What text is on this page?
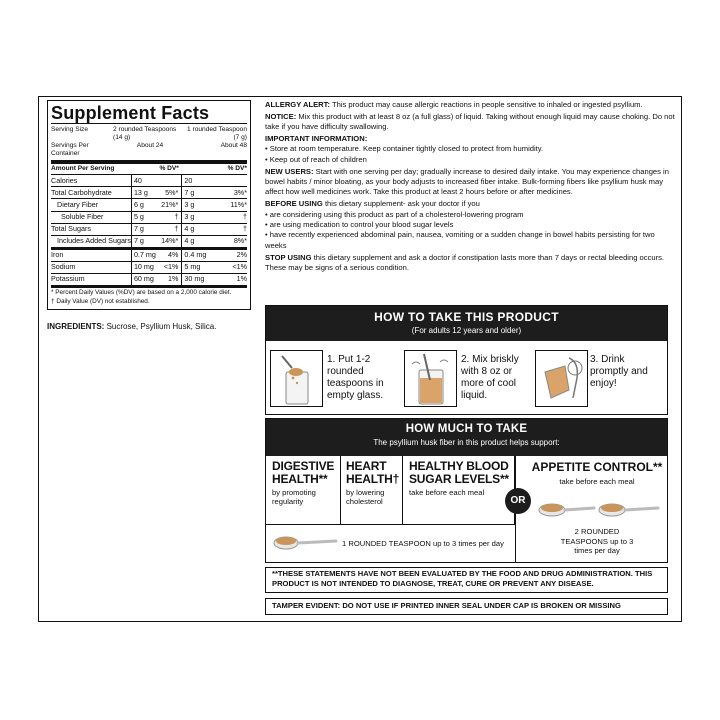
Supplement Facts
Serving Size	2 rounded Teaspoons (14 g)
1 rounded Teaspoon (7 g)
Servings Per Container
About 24	About 48
Amount Per Serving		% DV*		% DV*
Calories	40		20	
Total Carbohydrate	13 g	5%*	7 g	3%*
Dietary Fiber	6 g	21%*	3 g	11%*
Soluble Fiber	5 g	†	3 g	†
Total Sugars	7 g	†	4 g	†
Includes Added Sugars	7 g	14%*	4 g	8%*
Iron	0.7 mg	4%	0.4 mg	2%
Sodium	10 mg	<1%	5 mg	<1%
Potassium	60 mg	1%	30 mg	1%
* Percent Daily Values (%DV) are based on a 2,000 calorie diet.
† Daily Value (DV) not established.
INGREDIENTS: Sucrose, Psyllium Husk, Silica.

ALLERGY ALERT: This product may cause allergic reactions in people sensitive to inhaled or ingested psyllium.

NOTICE: Mix this product with at least 8 oz (a full glass) of liquid. Taking without enough liquid may cause choking. Do not take if you have difficulty swallowing.

IMPORTANT INFORMATION:

• Store at room temperature. Keep container tightly closed to protect from humidity.

• Keep out of reach of children

NEW USERS: Start with one serving per day; gradually increase to desired daily intake. You may experience changes in bowel habits / minor bloating, as your body adjusts to increased fiber intake. Bulk-forming fibers like psyllium husk may affect how well medicines work. Take this product at least 2 hours before or after medicines.

BEFORE USING this dietary supplement- ask your doctor if you

• are considering using this product as part of a cholesterol-lowering program

• are using medication to control your blood sugar levels

• have recently experienced abdominal pain, nausea, vomiting or a sudden change in bowel habits persisting for two weeks

STOP USING this dietary supplement and ask a doctor if constipation lasts more than 7 days or rectal bleeding occurs. These may be signs of a serious condition.

HOW TO TAKE THIS PRODUCT
(For adults 12 years and older)
1. Put 1-2 rounded teaspoons in empty glass.
2. Mix briskly with 8 oz or more of cool liquid.
3. Drink promptly and enjoy!
HOW MUCH TO TAKE
The psyllium husk fiber in this product helps support:
DIGESTIVE HEALTH**
by promoting regularity
HEART HEALTH†
by lowering cholesterol
HEALTHY BLOOD SUGAR LEVELS**
take before each meal
1 ROUNDED TEASPOON up to 3 times per day
APPETITE CONTROL**
take before each meal
2 ROUNDED TEASPOONS up to 3 times per day
OR
**THESE STATEMENTS HAVE NOT BEEN EVALUATED BY THE FOOD AND DRUG ADMINISTRATION. THIS PRODUCT IS NOT INTENDED TO DIAGNOSE, TREAT, CURE OR PREVENT ANY DISEASE.
TAMPER EVIDENT: DO NOT USE IF PRINTED INNER SEAL UNDER CAP IS BROKEN OR MISSING
